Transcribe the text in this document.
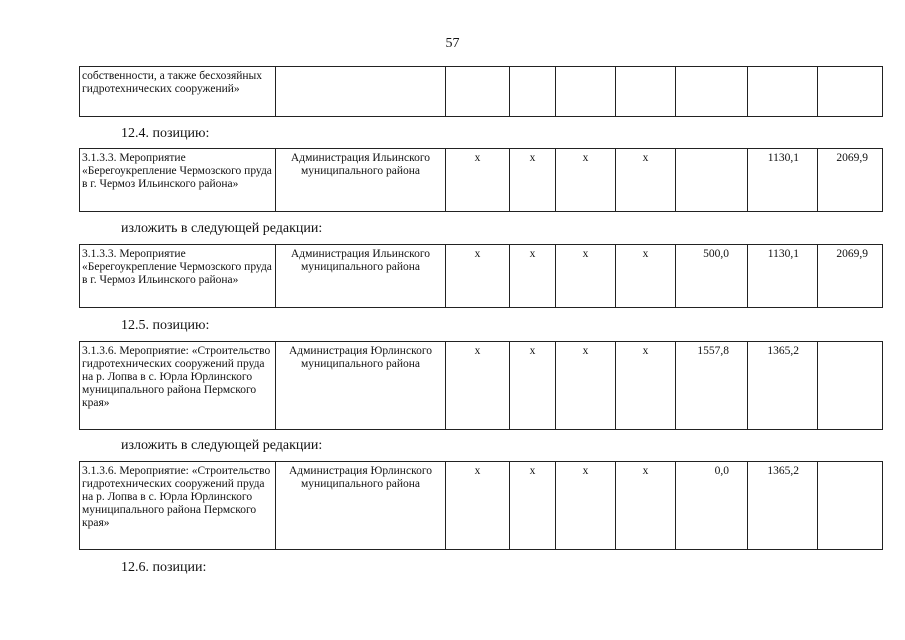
57
собственности, а также бесхозяйных гидротехнических сооружений»								
12.4. позицию:
3.1.3.3. Мероприятие «Берегоукрепление Чермозского пруда в г. Чермоз Ильинского района»	Администрация Ильинского муниципального района	х	х	х	х		1130,1	2069,9
изложить в следующей редакции:
3.1.3.3. Мероприятие «Берегоукрепление Чермозского пруда в г. Чермоз Ильинского района»	Администрация Ильинского муниципального района	х	х	х	х	500,0	1130,1	2069,9
12.5. позицию:
3.1.3.6. Мероприятие: «Строительство гидротехнических сооружений пруда на р. Лопва в с. Юрла Юрлинского муниципального района Пермского края»	Администрация Юрлинского муниципального района	х	х	х	х	1557,8	1365,2	
изложить в следующей редакции:
3.1.3.6. Мероприятие: «Строительство гидротехнических сооружений пруда на р. Лопва в с. Юрла Юрлинского муниципального района Пермского края»	Администрация Юрлинского муниципального района	х	х	х	х	0,0	1365,2	
12.6. позиции:
